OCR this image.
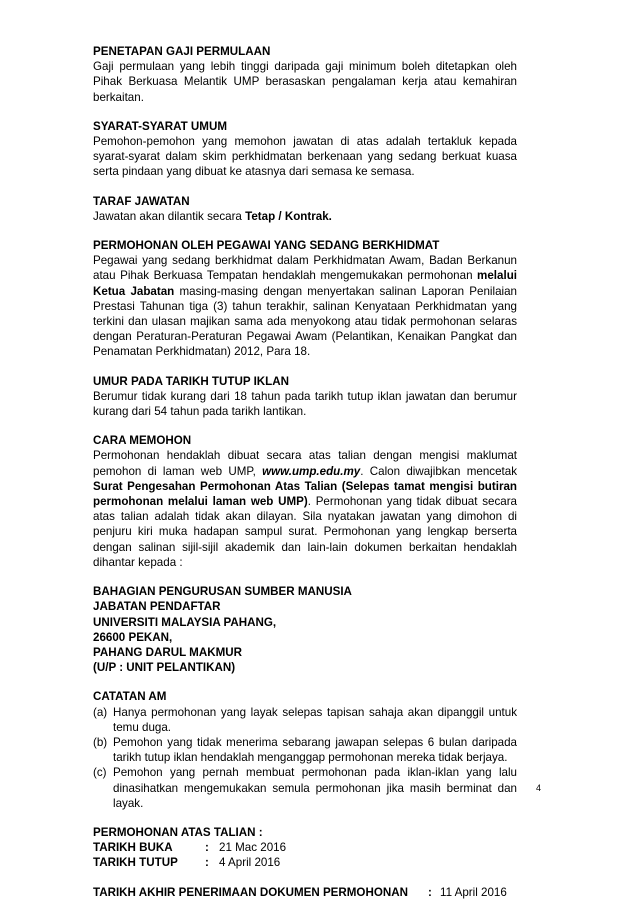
PENETAPAN GAJI PERMULAAN
Gaji permulaan yang lebih tinggi daripada gaji minimum boleh ditetapkan oleh Pihak Berkuasa Melantik UMP berasaskan pengalaman kerja atau kemahiran berkaitan.
SYARAT-SYARAT UMUM
Pemohon-pemohon yang memohon jawatan di atas adalah tertakluk kepada syarat-syarat dalam skim perkhidmatan berkenaan yang sedang berkuat kuasa serta pindaan yang dibuat ke atasnya dari semasa ke semasa.
TARAF JAWATAN
Jawatan akan dilantik secara Tetap / Kontrak.
PERMOHONAN OLEH PEGAWAI YANG SEDANG BERKHIDMAT
Pegawai yang sedang berkhidmat dalam Perkhidmatan Awam, Badan Berkanun atau Pihak Berkuasa Tempatan hendaklah mengemukakan permohonan melalui Ketua Jabatan masing-masing dengan menyertakan salinan Laporan Penilaian Prestasi Tahunan tiga (3) tahun terakhir, salinan Kenyataan Perkhidmatan yang terkini dan ulasan majikan sama ada menyokong atau tidak permohonan selaras dengan Peraturan-Peraturan Pegawai Awam (Pelantikan, Kenaikan Pangkat dan Penamatan Perkhidmatan) 2012, Para 18.
UMUR PADA TARIKH TUTUP IKLAN
Berumur tidak kurang dari 18 tahun pada tarikh tutup iklan jawatan dan berumur kurang dari 54 tahun pada tarikh lantikan.
CARA MEMOHON
Permohonan hendaklah dibuat secara atas talian dengan mengisi maklumat pemohon di laman web UMP, www.ump.edu.my. Calon diwajibkan mencetak Surat Pengesahan Permohonan Atas Talian (Selepas tamat mengisi butiran permohonan melalui laman web UMP). Permohonan yang tidak dibuat secara atas talian adalah tidak akan dilayan. Sila nyatakan jawatan yang dimohon di penjuru kiri muka hadapan sampul surat. Permohonan yang lengkap berserta dengan salinan sijil-sijil akademik dan lain-lain dokumen berkaitan hendaklah dihantar kepada :
BAHAGIAN PENGURUSAN SUMBER MANUSIA
JABATAN PENDAFTAR
UNIVERSITI MALAYSIA PAHANG,
26600 PEKAN,
PAHANG DARUL MAKMUR
(U/P : UNIT PELANTIKAN)
CATATAN AM
(a) Hanya permohonan yang layak selepas tapisan sahaja akan dipanggil untuk temu duga.
(b) Pemohon yang tidak menerima sebarang jawapan selepas 6 bulan daripada tarikh tutup iklan hendaklah menganggap permohonan mereka tidak berjaya.
(c) Pemohon yang pernah membuat permohonan pada iklan-iklan yang lalu dinasihatkan mengemukakan semula permohonan jika masih berminat dan layak.
PERMOHONAN ATAS TALIAN :
TARIKH BUKA	: 21 Mac 2016
TARIKH TUTUP	: 4 April 2016
TARIKH AKHIR PENERIMAAN DOKUMEN PERMOHONAN	: 11 April 2016
4
